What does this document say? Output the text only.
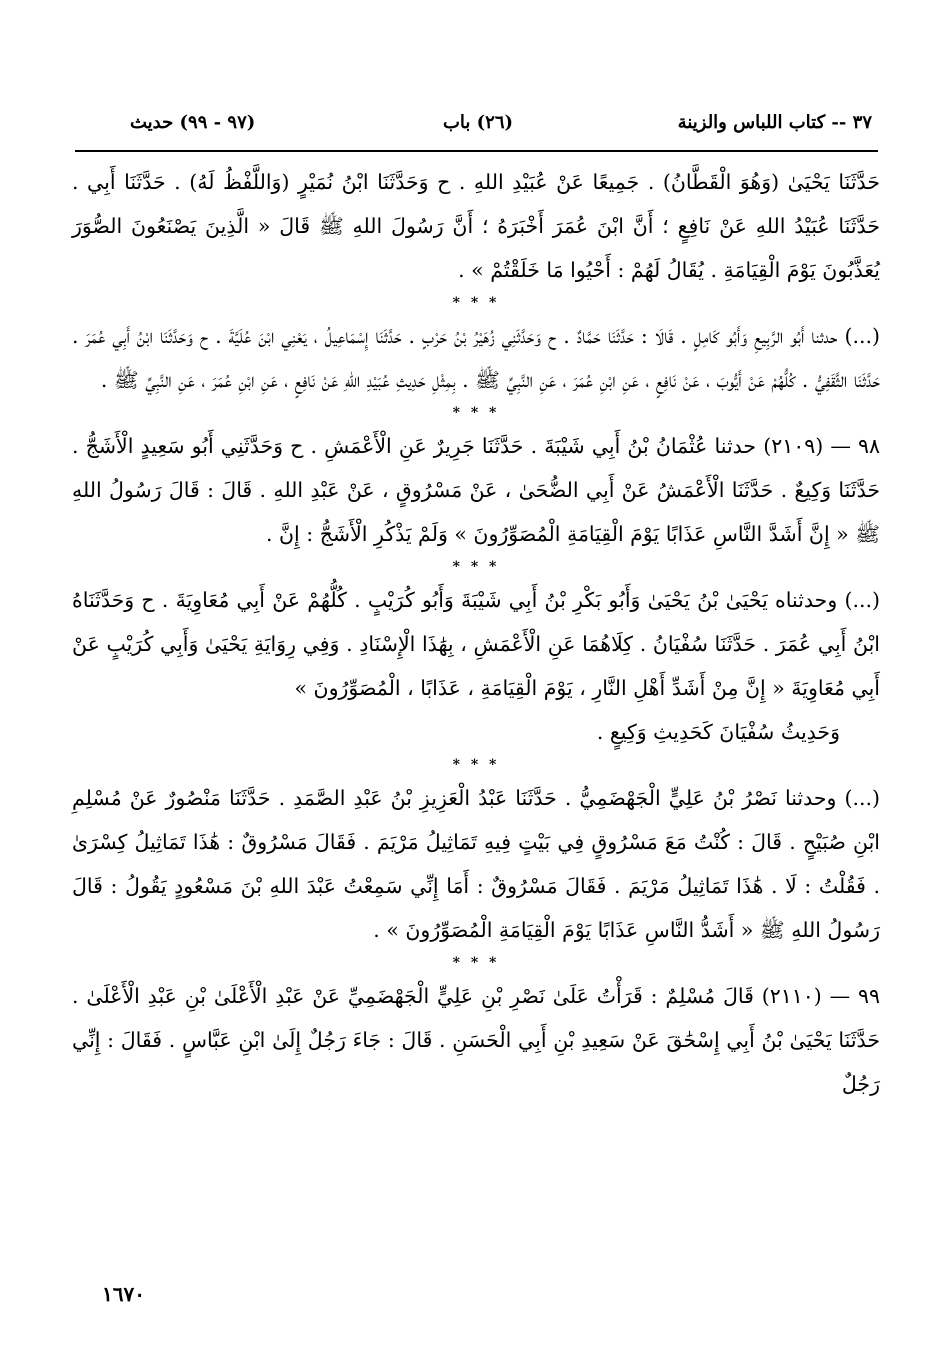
٣٧ -- كتاب اللباس والزينة
(٢٦) باب
(٩٧ - ٩٩) حديث

حَدَّثَنَا يَحْيَىٰ (وَهُوَ الْقَطَّانُ) . جَمِيعًا عَنْ عُبَيْدِ اللهِ . ح وَحَدَّثَنَا ابْنُ نُمَيْرٍ (وَاللَّفْظُ لَهُ) . حَدَّثَنَا أَبِي . حَدَّثَنَا عُبَيْدُ اللهِ عَنْ نَافِعٍ ؛ أَنَّ ابْنَ عُمَرَ أَخْبَرَهُ ؛ أَنَّ رَسُولَ اللهِ ﷺ قَالَ « الَّذِينَ يَصْنَعُونَ الصُّوَرَ يُعَذَّبُونَ يَوْمَ الْقِيَامَةِ . يُقَالُ لَهُمْ : أَحْيُوا مَا خَلَقْتُمْ » .

* * *

(...) حدثنا أَبُو الرَّبِيعِ وَأَبُو كَامِلٍ . قَالَا : حَدَّثَنَا حَمَّادٌ . ح وَحَدَّثَنِي زُهَيْرُ بْنُ حَرْبٍ . حَدَّثَنَا إِسْمَاعِيلُ ، يَعْنِي ابْنَ عُلَيَّةَ . ح وَحَدَّثَنَا ابْنُ أَبِي عُمَرَ . حَدَّثَنَا الثَّقَفِيُّ . كُلُّهُمْ عَنْ أَيُّوبَ ، عَنْ نَافِعٍ ، عَنِ ابْنِ عُمَرَ ، عَنِ النَّبِيِّ ﷺ . بِمِثْلِ حَدِيثِ عُبَيْدِ اللهِ عَنْ نَافِعٍ ، عَنِ ابْنِ عُمَرَ ، عَنِ النَّبِيِّ ﷺ .

* * *

٩٨ — (٢١٠٩) حدثنا عُثْمَانُ بْنُ أَبِي شَيْبَةَ . حَدَّثَنَا جَرِيرٌ عَنِ الْأَعْمَشِ . ح وَحَدَّثَنِي أَبُو سَعِيدٍ الْأَشَجُّ . حَدَّثَنَا وَكِيعٌ . حَدَّثَنَا الْأَعْمَشُ عَنْ أَبِي الضُّحَىٰ ، عَنْ مَسْرُوقٍ ، عَنْ عَبْدِ اللهِ . قَالَ : قَالَ رَسُولُ اللهِ ﷺ « إِنَّ أَشَدَّ النَّاسِ عَذَابًا يَوْمَ الْقِيَامَةِ الْمُصَوِّرُونَ » وَلَمْ يَذْكُرِ الْأَشَجُّ : إِنَّ .

* * *

(...) وحدثناه يَحْيَىٰ بْنُ يَحْيَىٰ وَأَبُو بَكْرِ بْنُ أَبِي شَيْبَةَ وَأَبُو كُرَيْبٍ . كُلُّهُمْ عَنْ أَبِي مُعَاوِيَةَ . ح وَحَدَّثَنَاهُ ابْنُ أَبِي عُمَرَ . حَدَّثَنَا سُفْيَانُ . كِلَاهُمَا عَنِ الْأَعْمَشِ ، بِهَٰذَا الْإِسْنَادِ . وَفِي رِوَايَةِ يَحْيَىٰ وَأَبِي كُرَيْبٍ عَنْ أَبِي مُعَاوِيَةَ « إِنَّ مِنْ أَشَدِّ أَهْلِ النَّارِ ، يَوْمَ الْقِيَامَةِ ، عَذَابًا ، الْمُصَوِّرُونَ »

وَحَدِيثُ سُفْيَانَ كَحَدِيثِ وَكِيعٍ .

* * *

(...) وحدثنا نَصْرُ بْنُ عَلِيٍّ الْجَهْضَمِيُّ . حَدَّثَنَا عَبْدُ الْعَزِيزِ بْنُ عَبْدِ الصَّمَدِ . حَدَّثَنَا مَنْصُورٌ عَنْ مُسْلِمِ ابْنِ صُبَيْحٍ . قَالَ : كُنْتُ مَعَ مَسْرُوقٍ فِي بَيْتٍ فِيهِ تَمَاثِيلُ مَرْيَمَ . فَقَالَ مَسْرُوقٌ : هَٰذَا تَمَاثِيلُ كِسْرَىٰ . فَقُلْتُ : لَا . هَٰذَا تَمَاثِيلُ مَرْيَمَ . فَقَالَ مَسْرُوقٌ : أَمَا إِنِّي سَمِعْتُ عَبْدَ اللهِ بْنَ مَسْعُودٍ يَقُولُ : قَالَ رَسُولُ اللهِ ﷺ « أَشَدُّ النَّاسِ عَذَابًا يَوْمَ الْقِيَامَةِ الْمُصَوِّرُونَ » .

* * *

٩٩ — (٢١١٠) قَالَ مُسْلِمٌ : قَرَأْتُ عَلَىٰ نَصْرِ بْنِ عَلِيٍّ الْجَهْضَمِيِّ عَنْ عَبْدِ الْأَعْلَىٰ بْنِ عَبْدِ الْأَعْلَىٰ . حَدَّثَنَا يَحْيَىٰ بْنُ أَبِي إِسْحَٰقَ عَنْ سَعِيدِ بْنِ أَبِي الْحَسَنِ . قَالَ : جَاءَ رَجُلٌ إِلَىٰ ابْنِ عَبَّاسٍ . فَقَالَ : إِنِّي رَجُلٌ

١٦٧٠
